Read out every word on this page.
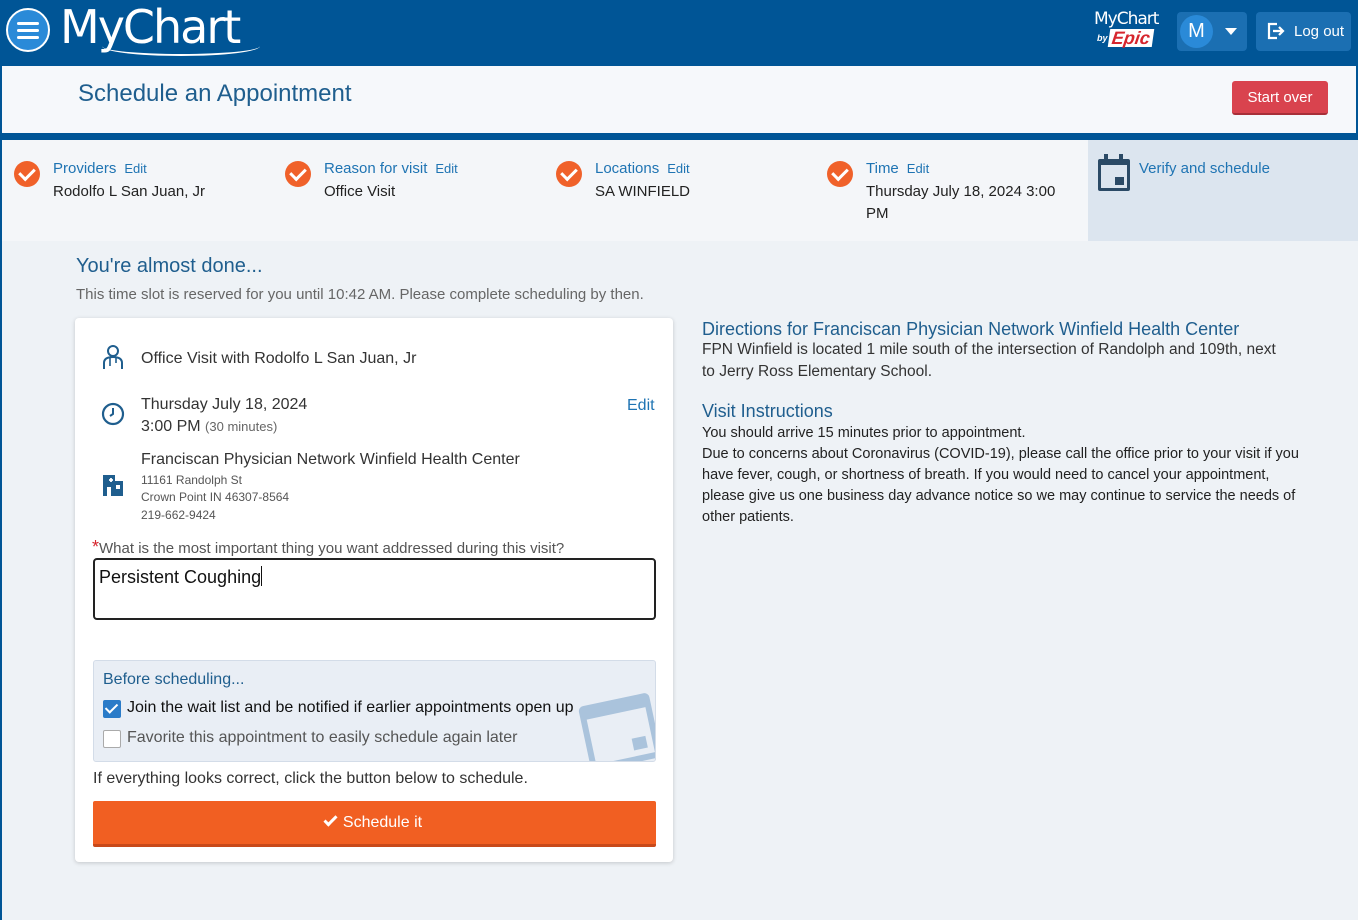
MyChart	MyChart
by Epic	M	Log out
Schedule an Appointment	Start over
Providers Edit
Rodolfo L San Juan, Jr
Reason for visit Edit
Office Visit
Locations Edit
SA WINFIELD
Time Edit
Thursday July 18, 2024 3:00
PM
Verify and schedule
You're almost done...
This time slot is reserved for you until 10:42 AM. Please complete scheduling by then.
Office Visit with Rodolfo L San Juan, Jr
Thursday July 18, 2024
3:00 PM (30 minutes)
Edit
Franciscan Physician Network Winfield Health Center
11161 Randolph St
Crown Point IN 46307-8564
219-662-9424
*What is the most important thing you want addressed during this visit?
Persistent Coughing
Before scheduling...
Join the wait list and be notified if earlier appointments open up
Favorite this appointment to easily schedule again later
If everything looks correct, click the button below to schedule.
Schedule it
Directions for Franciscan Physician Network Winfield Health Center
FPN Winfield is located 1 mile south of the intersection of Randolph and 109th, next to Jerry Ross Elementary School.
Visit Instructions
You should arrive 15 minutes prior to appointment.
Due to concerns about Coronavirus (COVID-19), please call the office prior to your visit if you have fever, cough, or shortness of breath. If you would need to cancel your appointment, please give us one business day advance notice so we may continue to service the needs of other patients.
